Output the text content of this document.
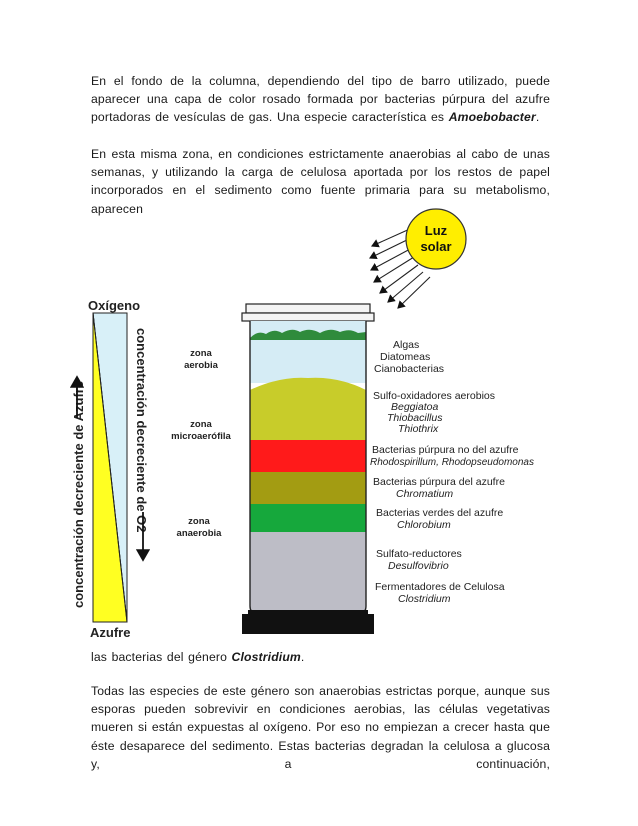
En el fondo de la columna, dependiendo del tipo de barro utilizado, puede aparecer una capa de color rosado formada por bacterias púrpura del azufre portadoras de vesículas de gas. Una especie característica es Amoebobacter.
En esta misma zona, en condiciones estrictamente anaerobias al cabo de unas semanas, y utilizando la carga de celulosa aportada por los restos de papel incorporados en el sedimento como fuente primaria para su metabolismo, aparecen
las bacterias del género Clostridium.
Todas las especies de este género son anaerobias estrictas porque, aunque sus esporas pueden sobrevivir en condiciones aerobias, las células vegetativas mueren si están expuestas al oxígeno. Por eso no empiezan a crecer hasta que éste desaparece del sedimento. Estas bacterias degradan la celulosa a glucosa y, a continuación,
Luz
solar
Oxígeno
Azufre
concentración decreciente de O2
concentración decreciente de Azufre
zona
aerobia
zona
microaerófila
zona
anaerobia
Algas
Diatomeas
Cianobacterias
Sulfo-oxidadores aerobios
Beggiatoa
Thiobacillus
Thiothrix
Bacterias púrpura no del azufre
Rhodospirillum, Rhodopseudomonas
Bacterias púrpura del azufre
Chromatium
Bacterias verdes del azufre
Chlorobium
Sulfato-reductores
Desulfovibrio
Fermentadores de Celulosa
Clostridium
